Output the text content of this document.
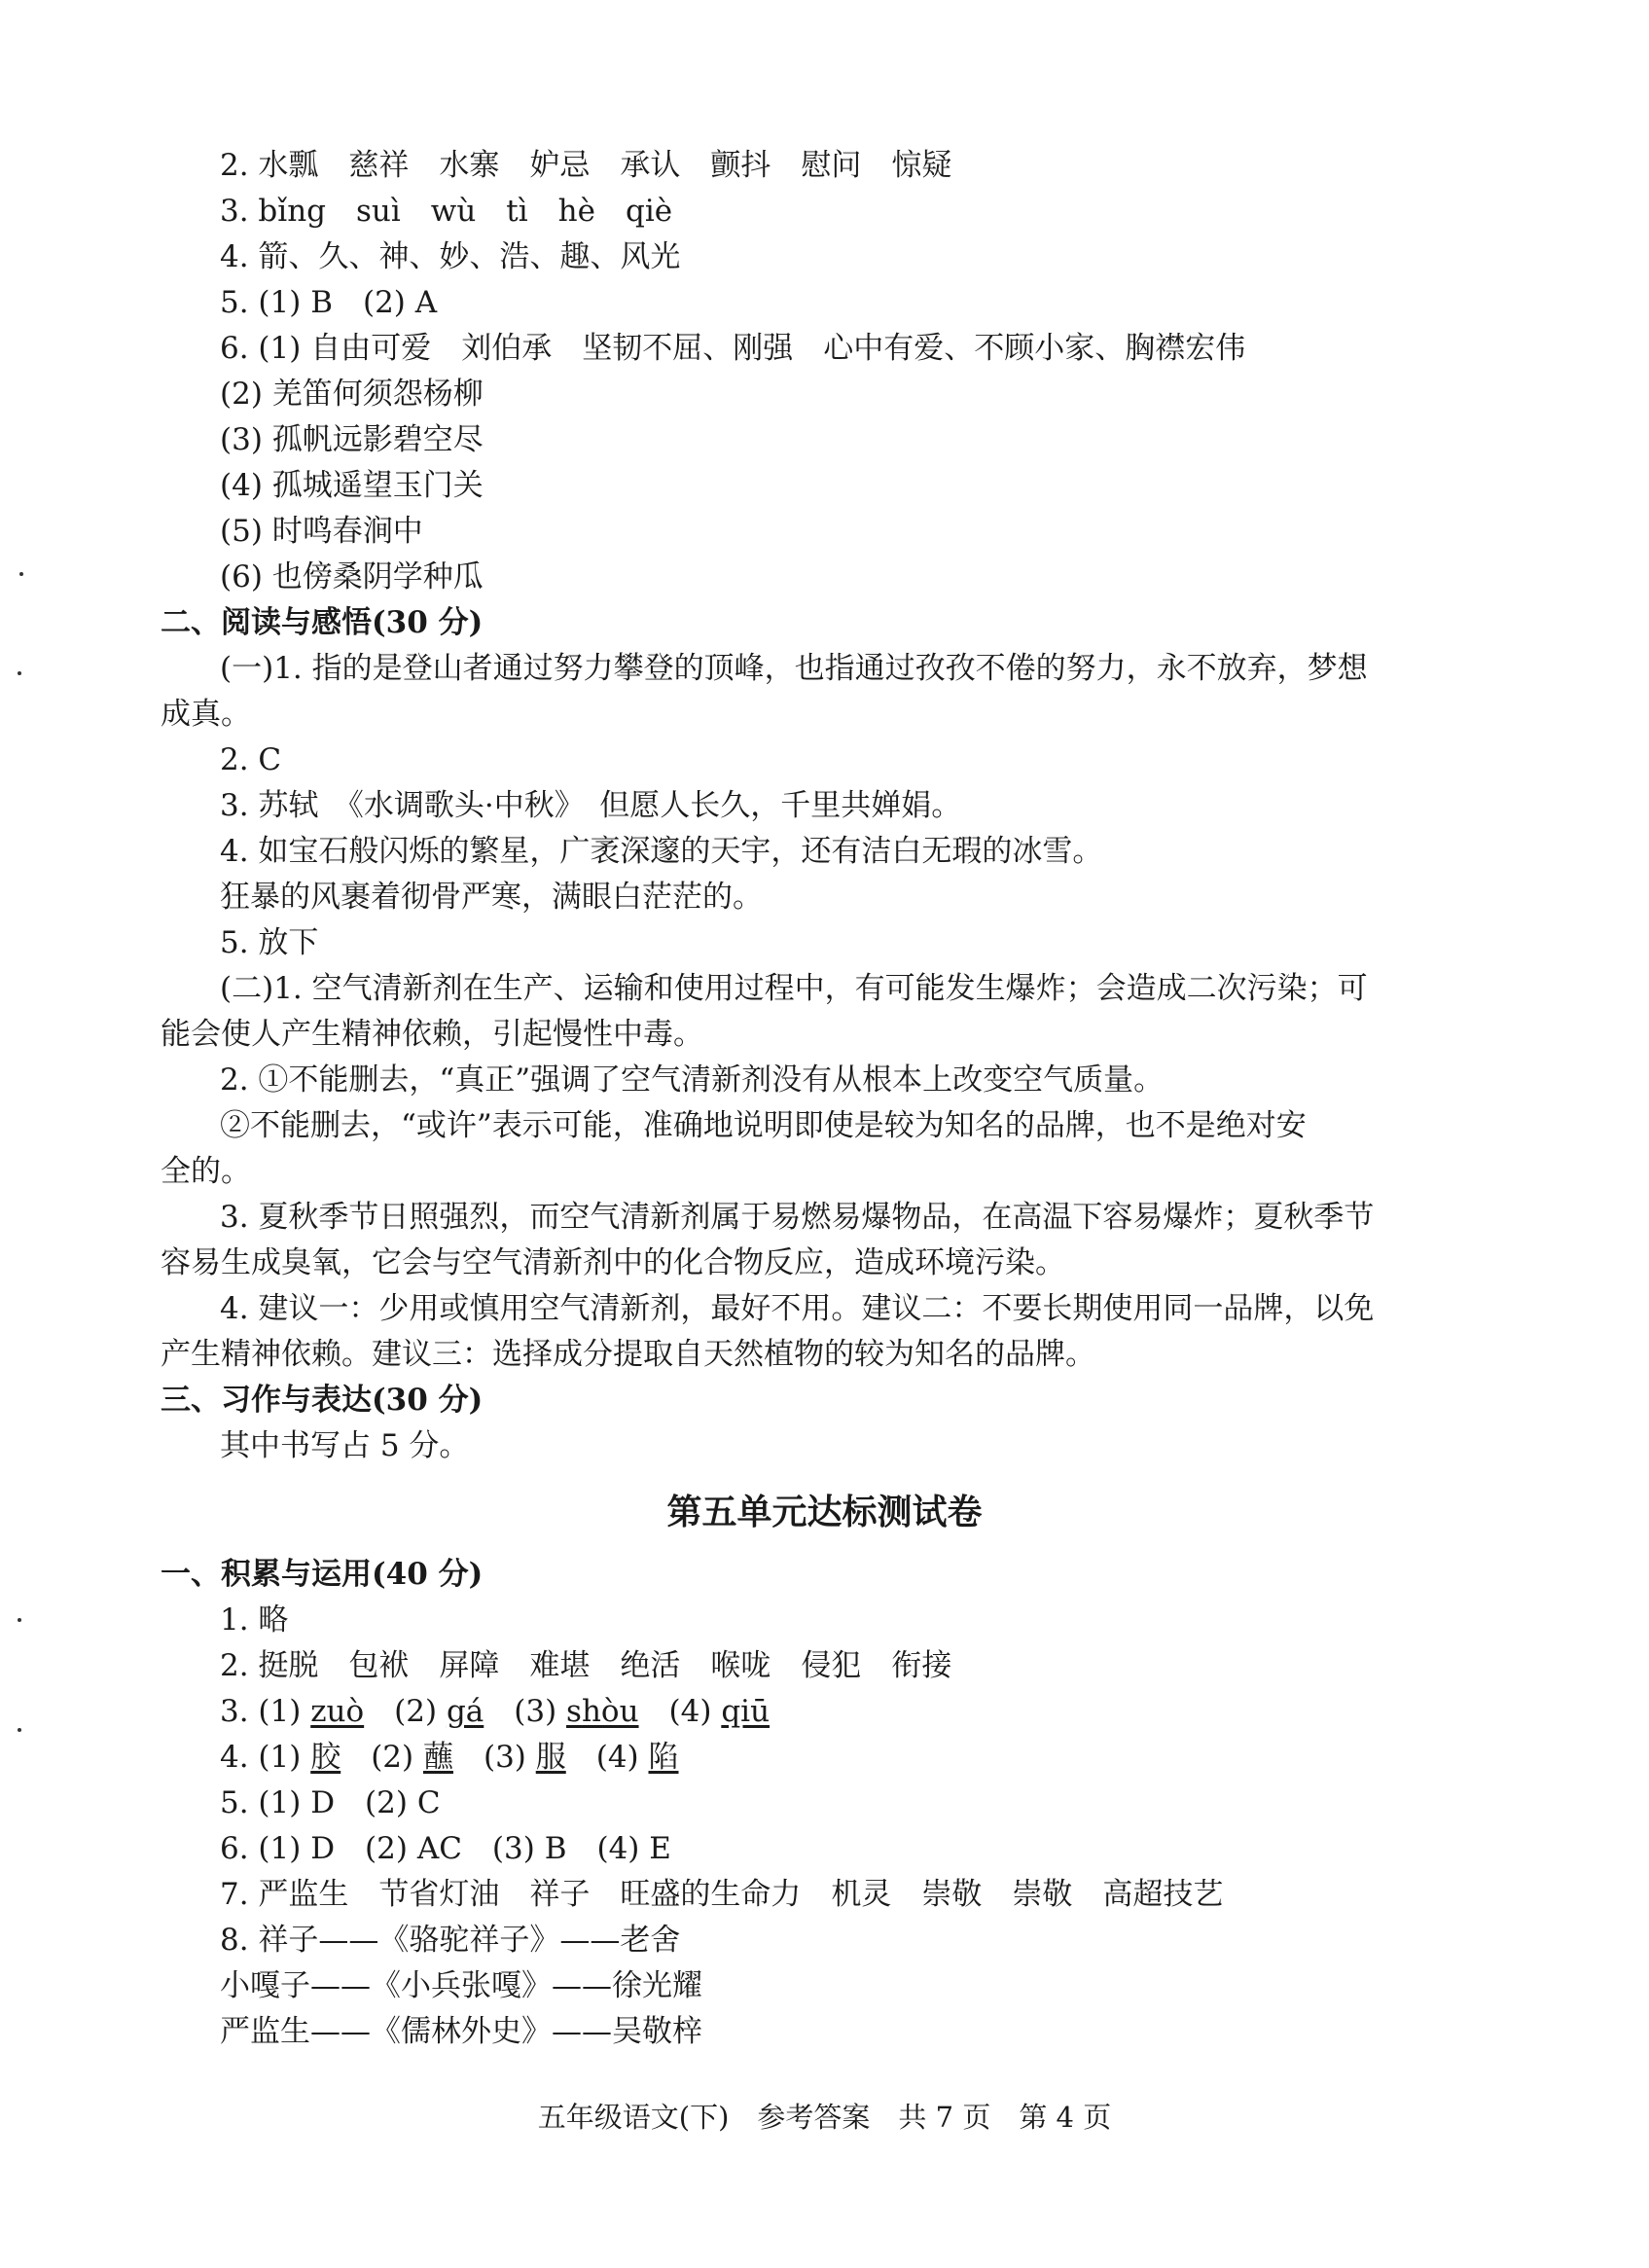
2. 水瓢　慈祥　水寨　妒忌　承认　颤抖　慰问　惊疑
3. bǐng　suì　wù　tì　hè　qiè
4. 箭、久、神、妙、浩、趣、风光
5. (1) B　(2) A
6. (1) 自由可爱　刘伯承　坚韧不屈、刚强　心中有爱、不顾小家、胸襟宏伟
(2) 羌笛何须怨杨柳
(3) 孤帆远影碧空尽
(4) 孤城遥望玉门关
(5) 时鸣春涧中
(6) 也傍桑阴学种瓜
二、阅读与感悟(30 分)
(一)1. 指的是登山者通过努力攀登的顶峰，也指通过孜孜不倦的努力，永不放弃，梦想
成真。
2. C
3. 苏轼　《水调歌头·中秋》　但愿人长久，千里共婵娟。
4. 如宝石般闪烁的繁星，广袤深邃的天宇，还有洁白无瑕的冰雪。
狂暴的风裹着彻骨严寒，满眼白茫茫的。
5. 放下
(二)1. 空气清新剂在生产、运输和使用过程中，有可能发生爆炸；会造成二次污染；可
能会使人产生精神依赖，引起慢性中毒。
2. ①不能删去，“真正”强调了空气清新剂没有从根本上改变空气质量。
②不能删去，“或许”表示可能，准确地说明即使是较为知名的品牌，也不是绝对安
全的。
3. 夏秋季节日照强烈，而空气清新剂属于易燃易爆物品，在高温下容易爆炸；夏秋季节
容易生成臭氧，它会与空气清新剂中的化合物反应，造成环境污染。
4. 建议一：少用或慎用空气清新剂，最好不用。建议二：不要长期使用同一品牌，以免
产生精神依赖。建议三：选择成分提取自天然植物的较为知名的品牌。
三、习作与表达(30 分)
其中书写占 5 分。
第五单元达标测试卷
一、积累与运用(40 分)
1. 略
2. 挺脱　包袱　屏障　难堪　绝活　喉咙　侵犯　衔接
3. (1) zuò　(2) gá　(3) shòu　(4) qiū
4. (1) 胶　(2) 蘸　(3) 服　(4) 陷
5. (1) D　(2) C
6. (1) D　(2) AC　(3) B　(4) E
7. 严监生　节省灯油　祥子　旺盛的生命力　机灵　崇敬　崇敬　高超技艺
8. 祥子——《骆驼祥子》——老舍
小嘎子——《小兵张嘎》——徐光耀
严监生——《儒林外史》——吴敬梓
五年级语文(下)　参考答案　共 7 页　第 4 页
